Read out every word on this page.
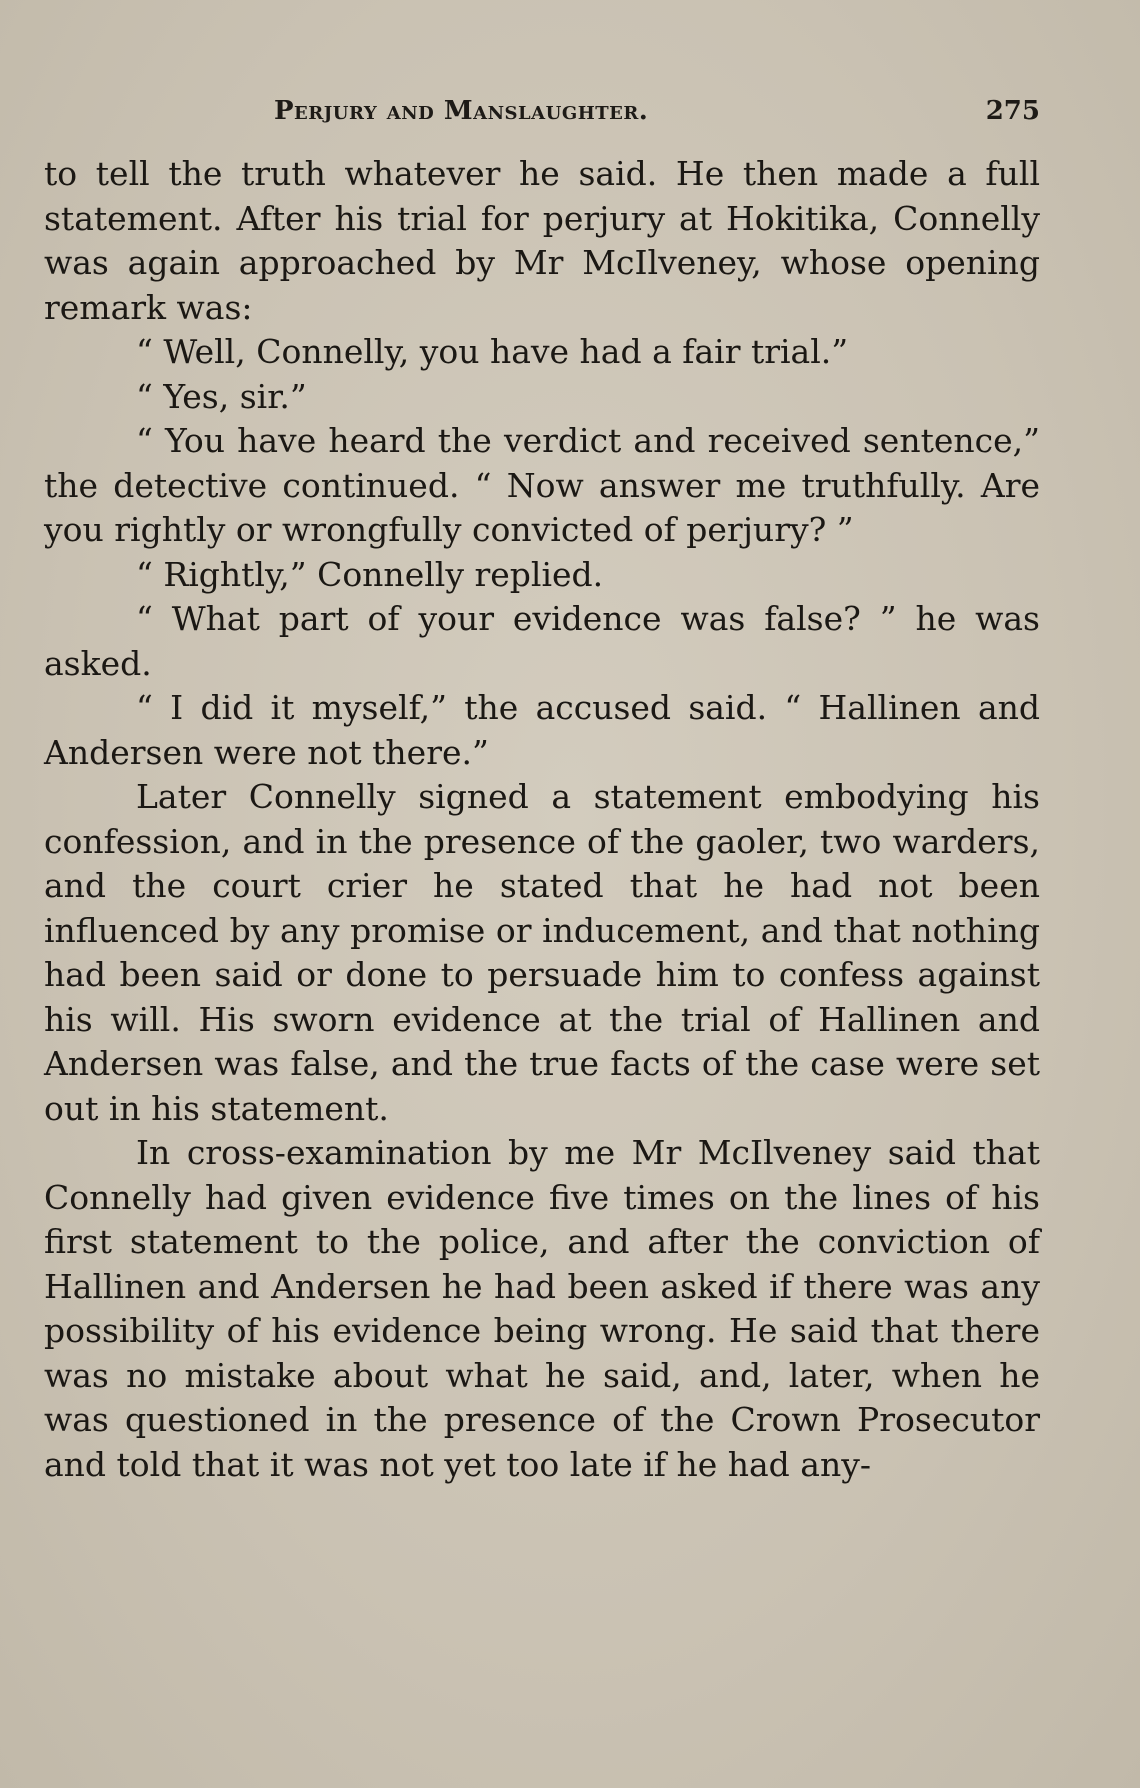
Perjury and Manslaughter.	275

to tell the truth whatever he said. He then made a full statement. After his trial for perjury at Hokitika, Connelly was again approached by Mr McIlveney, whose opening remark was:

“ Well, Connelly, you have had a fair trial.”

“ Yes, sir.”

“ You have heard the verdict and received sentence,” the detective continued. “ Now answer me truthfully. Are you rightly or wrongfully convicted of perjury? ”

“ Rightly,” Connelly replied.

“ What part of your evidence was false? ” he was asked.

“ I did it myself,” the accused said. “ Hallinen and Andersen were not there.”

Later Connelly signed a statement embodying his confession, and in the presence of the gaoler, two warders, and the court crier he stated that he had not been influenced by any promise or inducement, and that nothing had been said or done to persuade him to confess against his will. His sworn evidence at the trial of Hallinen and Andersen was false, and the true facts of the case were set out in his statement.

In cross-examination by me Mr McIlveney said that Connelly had given evidence five times on the lines of his first statement to the police, and after the conviction of Hallinen and Andersen he had been asked if there was any possibility of his evidence being wrong. He said that there was no mistake about what he said, and, later, when he was questioned in the presence of the Crown Prosecutor and told that it was not yet too late if he had any-
